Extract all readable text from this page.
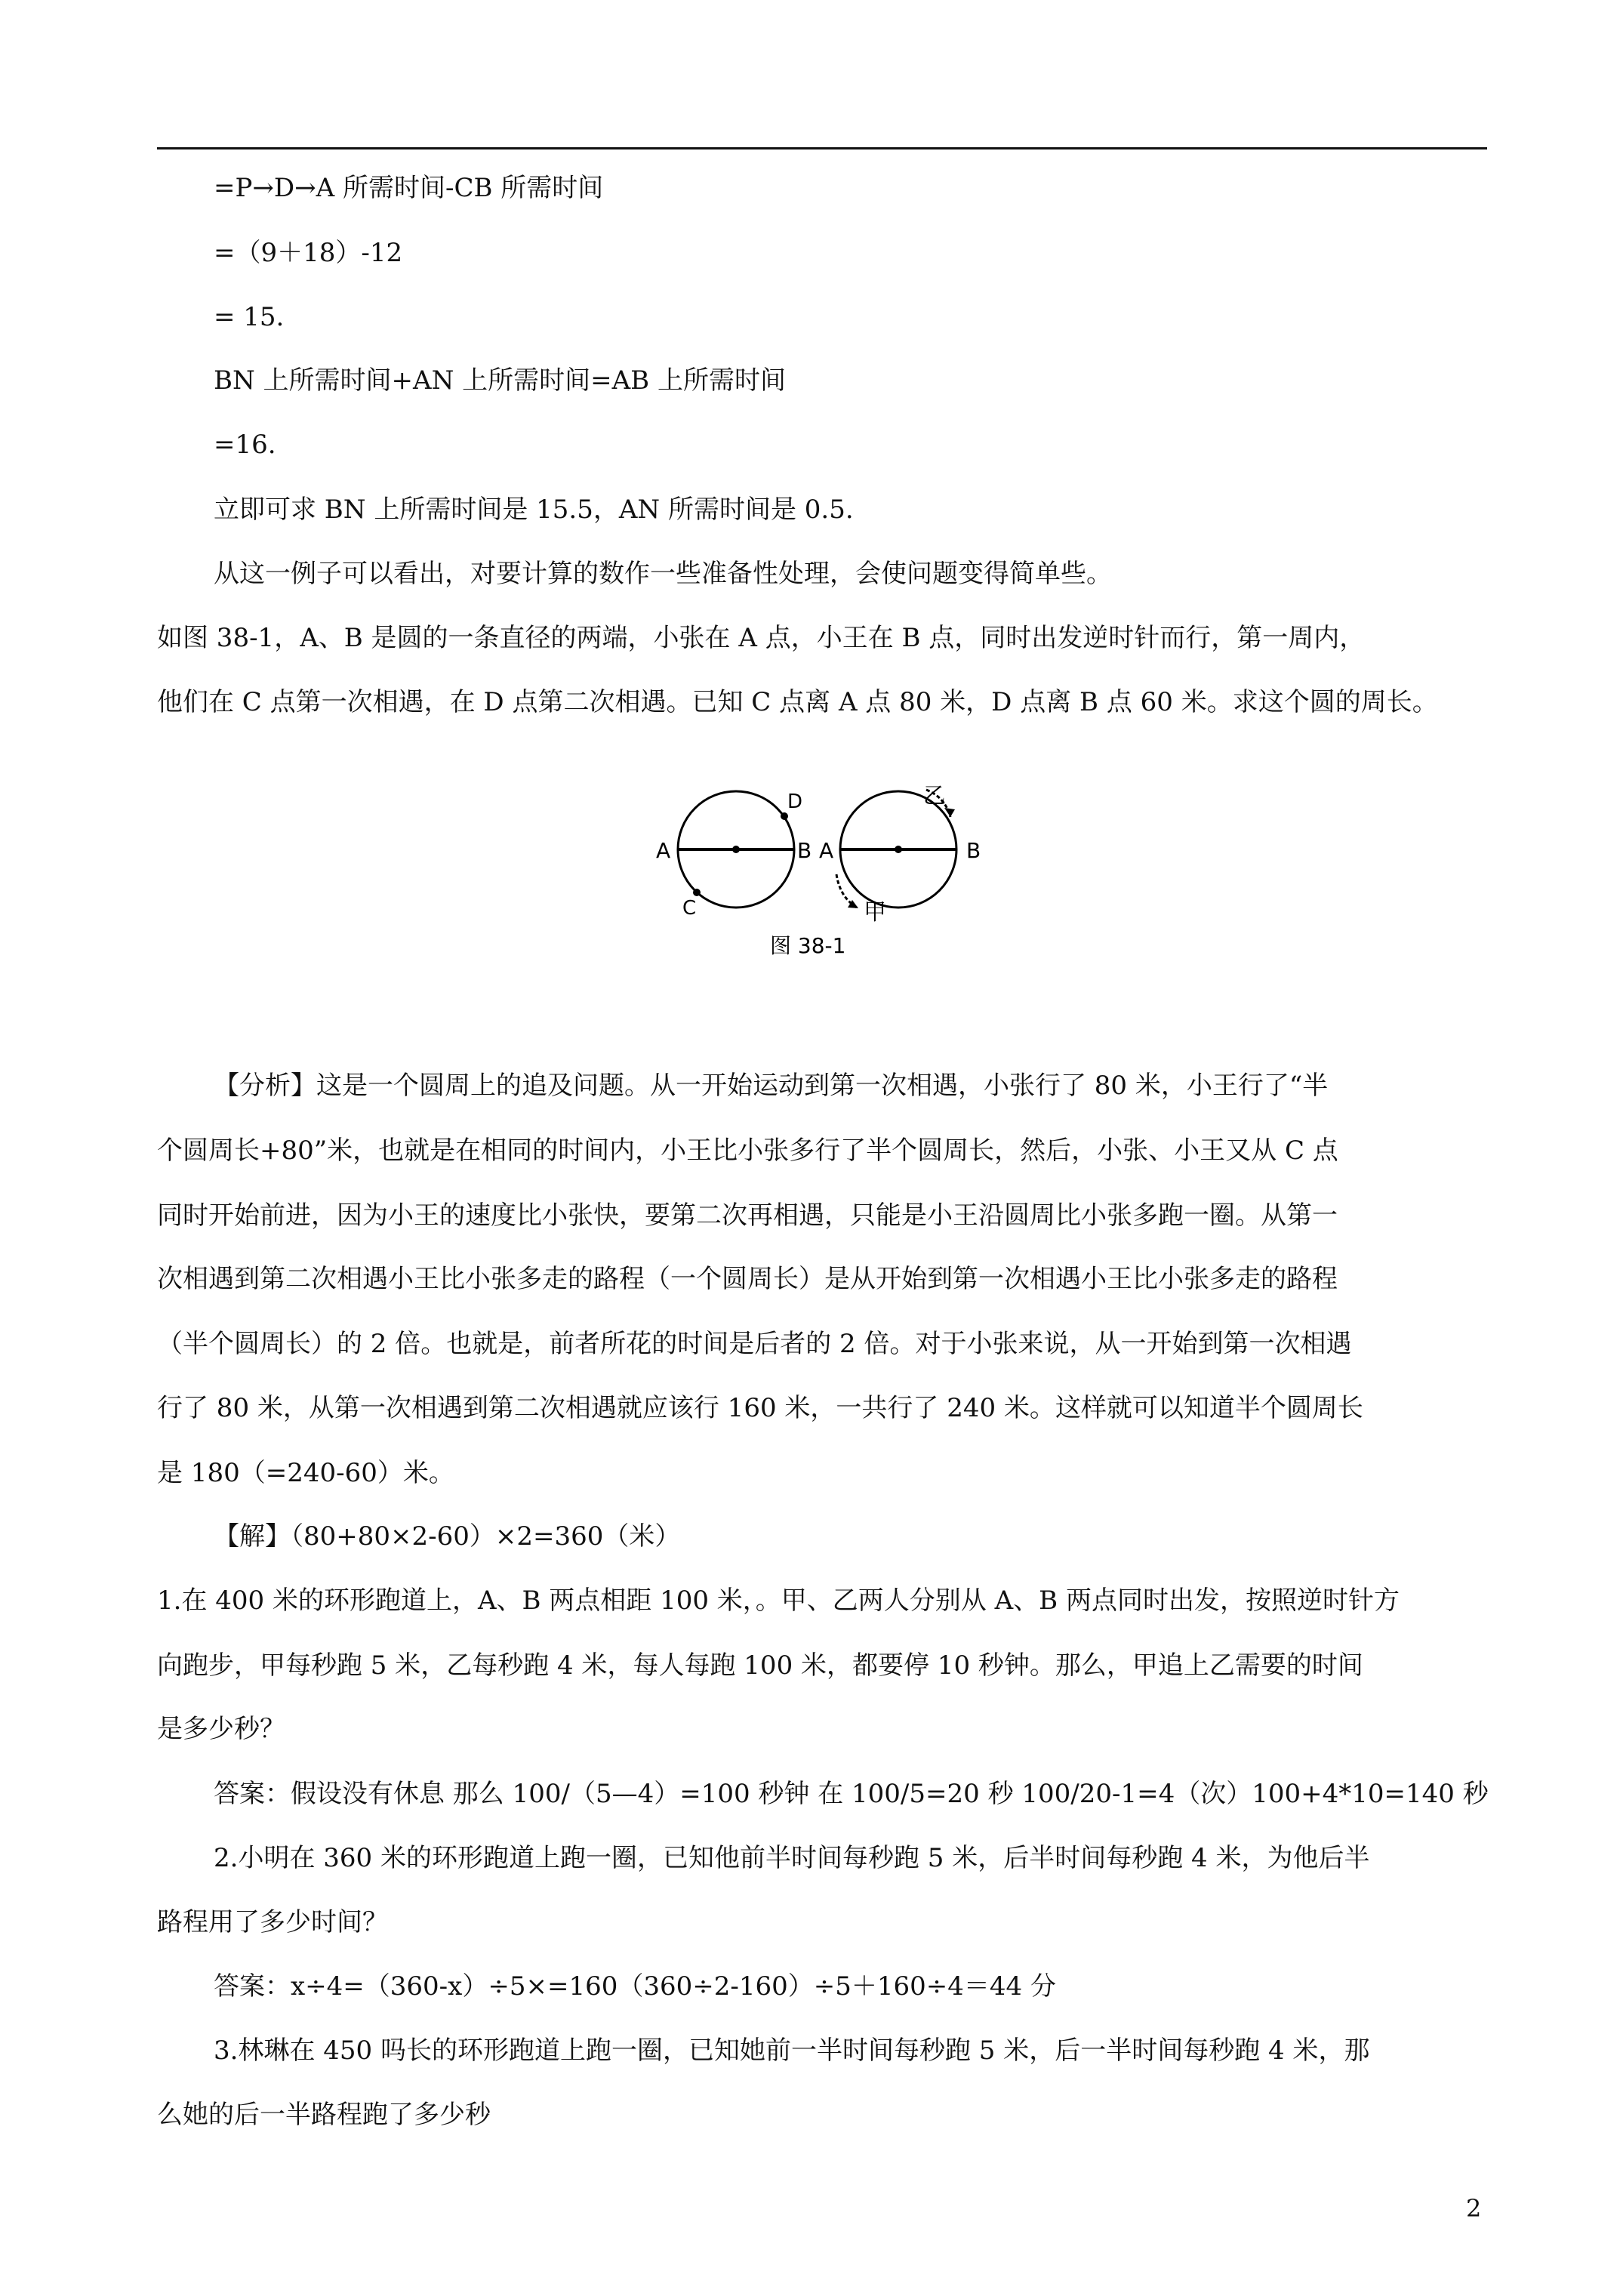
=P→D→A 所需时间-CB 所需时间
=（9＋18）-12
= 15.
BN 上所需时间+AN 上所需时间=AB 上所需时间
=16.
立即可求 BN 上所需时间是 15.5，AN 所需时间是 0.5.
从这一例子可以看出，对要计算的数作一些准备性处理，会使问题变得简单些。
如图 38-1，A、B 是圆的一条直径的两端，小张在 A 点，小王在 B 点，同时出发逆时针而行，第一周内，
他们在 C 点第一次相遇，在 D 点第二次相遇。已知 C 点离 A 点 80 米，D 点离 B 点 60 米。求这个圆的周长。
A	B
D
C
A	B
乙
甲
图 38-1
【分析】这是一个圆周上的追及问题。从一开始运动到第一次相遇，小张行了 80 米，小王行了“半
个圆周长+80”米，也就是在相同的时间内，小王比小张多行了半个圆周长，然后，小张、小王又从 C 点
同时开始前进，因为小王的速度比小张快，要第二次再相遇，只能是小王沿圆周比小张多跑一圈。从第一
次相遇到第二次相遇小王比小张多走的路程（一个圆周长）是从开始到第一次相遇小王比小张多走的路程
（半个圆周长）的 2 倍。也就是，前者所花的时间是后者的 2 倍。对于小张来说，从一开始到第一次相遇
行了 80 米，从第一次相遇到第二次相遇就应该行 160 米，一共行了 240 米。这样就可以知道半个圆周长
是 180（=240-60）米。
【解】（80+80×2-60）×2=360（米）
1.在 400 米的环形跑道上，A、B 两点相距 100 米，。甲、乙两人分别从 A、B 两点同时出发，按照逆时针方
向跑步，甲每秒跑 5 米，乙每秒跑 4 米，每人每跑 100 米，都要停 10 秒钟。那么，甲追上乙需要的时间
是多少秒？
答案：假设没有休息 那么 100/（5—4）=100 秒钟 在 100/5=20 秒 100/20-1=4（次）100+4*10=140 秒
2.小明在 360 米的环形跑道上跑一圈，已知他前半时间每秒跑 5 米，后半时间每秒跑 4 米，为他后半
路程用了多少时间？
答案：x÷4=（360-x）÷5×=160（360÷2-160）÷5＋160÷4＝44 分
3.林琳在 450 吗长的环形跑道上跑一圈，已知她前一半时间每秒跑 5 米，后一半时间每秒跑 4 米，那
么她的后一半路程跑了多少秒
2
